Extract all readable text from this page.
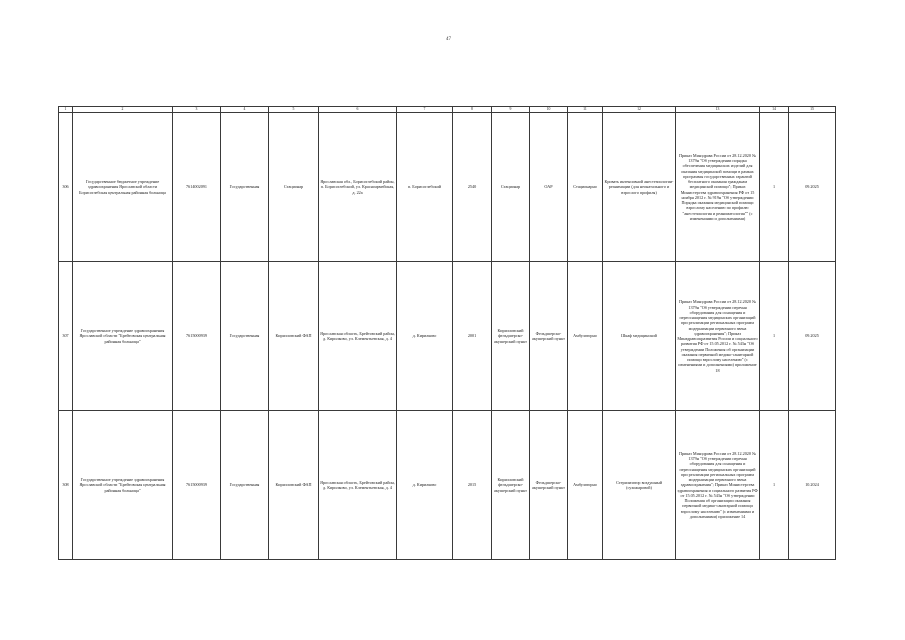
47
1	2	3	4	5	6	7	8	9	10	11	12	13	14	15
306	Государственное бюджетное учреждение здравоохранения Ярославской области Борисоглебская центральная районная больница	7614002091	Государственная	Стационар	Ярославская обл., Борисоглебский район, п. Борисоглебский, ул. Красноармейская, д. 22а	п. Борисоглебский	2540	Стационар	ОАР	Стационарно	Кровать интенсивной анестезиологии-реанимации (для неонатального и взрослого профиля)	Приказ Минздрава России от 28.12.2020 № 1379н "Об утверждении порядка обеспечения медицинских изделий для оказания медицинской помощи в рамках программы государственных гарантий бесплатного оказания гражданам медицинской помощи"; Приказ Министерства здравоохранения РФ от 15 ноября 2012 г. № 919н "Об утверждении Порядка оказания медицинской помощи взрослому населению по профилю "анестезиология и реаниматология"" (с изменениями и дополнениями)	1	09.2025
307	Государственное учреждение здравоохранения Ярославской области "Брейтовская центральная районная больница"	7615000939	Государственная	Кирилловский ФАП	Ярославская область, Брейтовский район, д. Кирилково, ул. Клементьевская, д. 4	д. Кирилково	2001	Кирилловский фельдшерско-акушерский пункт	Фельдшерско-акушерский пункт	Амбулаторно	Шкаф медицинский	Приказ Минздрава России от 28.12.2020 № 1379н "Об утверждении перечня оборудования для оснащения и переоснащения медицинских организаций при реализации региональных программ модернизации первичного звена здравоохранения"; Приказ Минздравсоцразвития России и социального развития РФ от 15.05.2012 г. № 543н "Об утверждении Положения об организации оказания первичной медико-санитарной помощи взрослому населению" (с изменениями и дополнениями) приложение 18	1	09.2025
308	Государственное учреждение здравоохранения Ярославской области "Брейтовская центральная районная больница"	7615000939	Государственная	Кирилловский ФАП	Ярославская область, Брейтовский район, д. Кирилково, ул. Клементьевская, д. 4	д. Кирилково	2015	Кирилловский фельдшерско-акушерский пункт	Фельдшерско-акушерский пункт	Амбулаторно	Стерилизатор воздушный (сухожаровой)	Приказ Минздрава России от 28.12.2020 № 1379н "Об утверждении перечня оборудования для оснащения и переоснащения медицинских организаций при реализации региональных программ модернизации первичного звена здравоохранения"; Приказ Министерства здравоохранения и социального развития РФ от 15.05.2012 г. № 543н "Об утверждении Положения об организации оказания первичной медико-санитарной помощи взрослому населению" (с изменениями и дополнениями) приложение 14	1	10.2024
